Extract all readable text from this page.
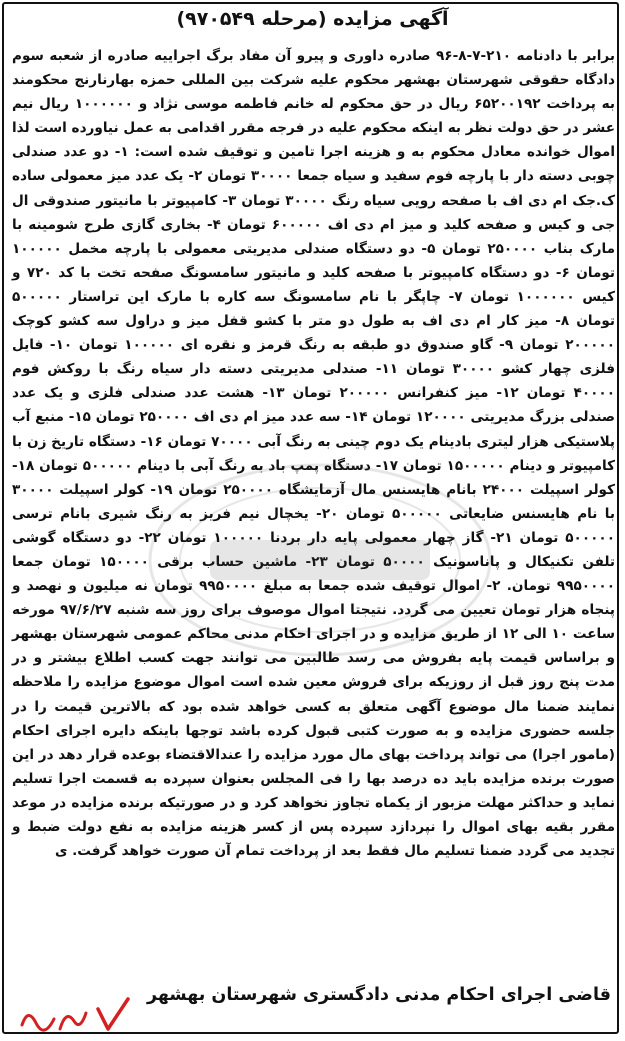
آگهی مزایده (مرحله ۹۷۰۵۴۹)
برابر با دادنامه ۲۱۰-۷-۸-۹۶ صادره داوری و پیرو آن مفاد برگ اجراییه صادره از شعبه سوم دادگاه حقوقی شهرستان بهشهر محکوم علیه شرکت بین المللی حمزه بهارنارنج محکومند به پرداخت ۶۵۲۰۰۱۹۲ ریال در حق محکوم له خانم فاطمه موسی نژاد و ۱۰۰۰۰۰۰ ریال نیم عشر در حق دولت نظر به اینکه محکوم علیه در فرجه مقرر اقدامی به عمل نیاورده است لذا اموال خوانده معادل محکوم به و هزینه اجرا تامین و توقیف شده است: ۱- دو عدد صندلی چوبی دسته دار با پارچه فوم سفید و سیاه جمعا ۳۰۰۰۰ تومان ۲- یک عدد میز معمولی ساده ک.جک ام دی اف با صفحه رویی سیاه رنگ ۳۰۰۰۰ تومان ۳- کامپیوتر با مانیتور صندوقی ال جی و کیس و صفحه کلید و میز ام دی اف ۶۰۰۰۰۰ تومان ۴- بخاری گازی طرح شومینه با مارک بناب ۲۵۰۰۰۰ تومان ۵- دو دستگاه صندلی مدیریتی معمولی با پارچه مخمل ۱۰۰۰۰۰ تومان ۶- دو دستگاه کامپیوتر با صفحه کلید و مانیتور سامسونگ صفحه تخت با کد ۷۲۰ و کیس ۱۰۰۰۰۰۰ تومان ۷- چاپگر با نام سامسونگ سه کاره با مارک این تراستار ۵۰۰۰۰۰ تومان ۸- میز کار ام دی اف به طول دو متر با کشو قفل میز و دراول سه کشو کوچک ۲۰۰۰۰۰ تومان ۹- گاو صندوق دو طبقه به رنگ قرمز و نقره ای ۱۰۰۰۰۰ تومان ۱۰- فایل فلزی چهار کشو ۳۰۰۰۰ تومان ۱۱- صندلی مدیریتی دسته دار سیاه رنگ با روکش فوم ۴۰۰۰۰ تومان ۱۲- میز کنفرانس ۲۰۰۰۰۰ تومان ۱۳- هشت عدد صندلی فلزی و یک عدد صندلی بزرگ مدیریتی ۱۲۰۰۰۰ تومان ۱۴- سه عدد میز ام دی اف ۲۵۰۰۰۰ تومان ۱۵- منبع آب پلاستیکی هزار لیتری بادینام یک دوم چینی به رنگ آبی ۷۰۰۰۰ تومان ۱۶- دستگاه تاریخ زن با کامپیوتر و دینام ۱۵۰۰۰۰۰ تومان ۱۷- دستگاه پمپ باد به رنگ آبی با دینام ۵۰۰۰۰۰ تومان ۱۸- کولر اسپیلت ۲۴۰۰۰ بانام هایسنس مال آزمایشگاه ۲۵۰۰۰۰ تومان ۱۹- کولر اسپیلت ۳۰۰۰۰ با نام هایسنس ضایعاتی ۵۰۰۰۰۰ تومان ۲۰- یخچال نیم فریز به رنگ شیری بانام ترسی ۵۰۰۰۰۰ تومان ۲۱- گاز چهار معمولی پایه دار بردنا ۱۰۰۰۰۰ تومان ۲۲- دو دستگاه گوشی تلفن تکنیکال و پاناسونیک ۵۰۰۰۰ تومان ۲۳- ماشین حساب برقی ۱۵۰۰۰۰ تومان جمعا ۹۹۵۰۰۰۰ تومان. ۲- اموال توقیف شده جمعا به مبلغ ۹۹۵۰۰۰۰ تومان نه میلیون و نهصد و پنجاه هزار تومان تعیین می گردد. نتیجتا اموال موصوف برای روز سه شنبه ۹۷/۶/۲۷ مورخه ساعت ۱۰ الی ۱۲ از طریق مزایده و در اجرای احکام مدنی محاکم عمومی شهرستان بهشهر و براساس قیمت پایه بفروش می رسد طالبین می توانند جهت کسب اطلاع بیشتر و در مدت پنج روز قبل از روزیکه برای فروش معین شده است اموال موضوع مزایده را ملاحظه نمایند ضمنا مال موضوع آگهی متعلق به کسی خواهد شده بود که بالاترین قیمت را در جلسه حضوری مزایده و به صورت کتبی قبول کرده باشد توجها باینکه دایره اجرای احکام (مامور اجرا) می تواند پرداخت بهای مال مورد مزایده را عندالاقتضاء بوعده قرار دهد در این صورت برنده مزایده باید ده درصد بها را فی المجلس بعنوان سپرده به قسمت اجرا تسلیم نماید و حداکثر مهلت مزبور از یکماه تجاوز نخواهد کرد و در صورتیکه برنده مزایده در موعد مقرر بقیه بهای اموال را نپردازد سپرده پس از کسر هزینه مزایده به نفع دولت ضبط و تجدید می گردد ضمنا تسلیم مال فقط بعد از پرداخت تمام آن صورت خواهد گرفت. ی
قاضی اجرای احکام مدنی دادگستری شهرستان بهشهر
